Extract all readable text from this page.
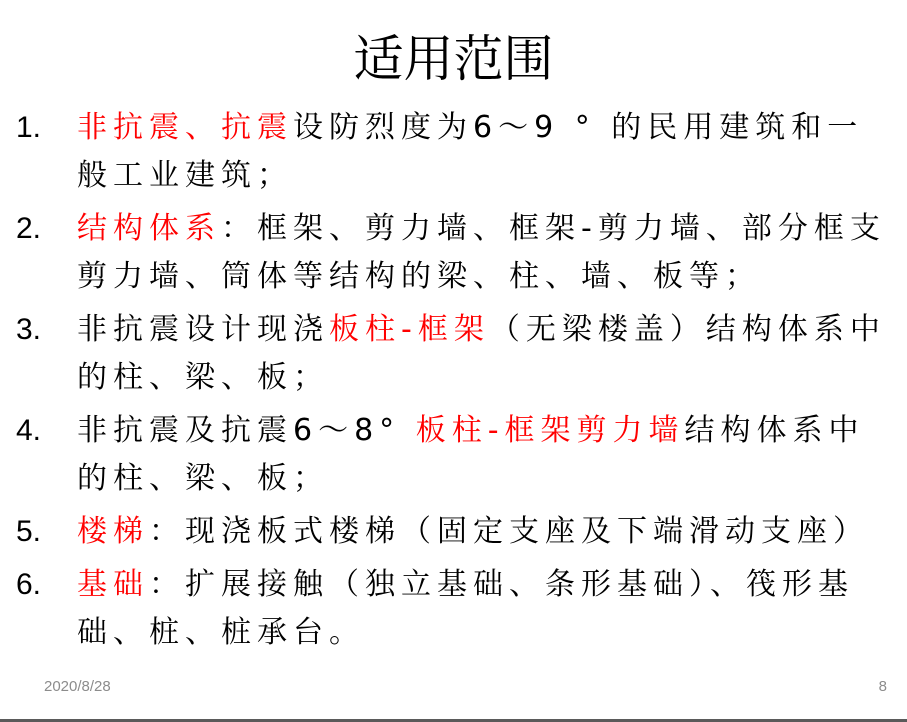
适用范围
1. 非抗震、抗震设防烈度为6～9 ° 的民用建筑和一般工业建筑；
2. 结构体系：框架、剪力墙、框架-剪力墙、部分框支剪力墙、筒体等结构的梁、柱、墙、板等；
3. 非抗震设计现浇板柱-框架（无梁楼盖）结构体系中的柱、梁、板；
4. 非抗震及抗震6～8° 板柱-框架剪力墙结构体系中的柱、梁、板；
5. 楼梯：现浇板式楼梯（固定支座及下端滑动支座）
6. 基础：扩展接触（独立基础、条形基础）、筏形基础、桩、桩承台。
2020/8/28	8
